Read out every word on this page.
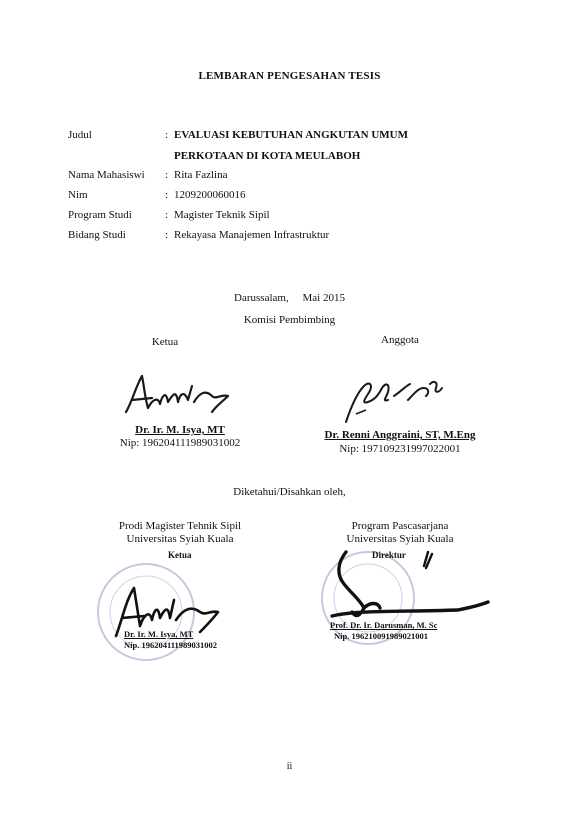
LEMBARAN PENGESAHAN TESIS
Judul	: EVALUASI KEBUTUHAN ANGKUTAN UMUM
PERKOTAAN DI KOTA MEULABOH
Nama Mahasiswi : Rita Fazlina
Nim	: 1209200060016
Program Studi	: Magister Teknik Sipil
Bidang Studi	: Rekayasa Manajemen Infrastruktur
Darussalam, Mai 2015
Komisi Pembimbing
Ketua	Anggota
Dr. Ir. M. Isya, MT
Nip: 196204111989031002
Dr. Renni Anggraini, ST, M.Eng
Nip: 197109231997022001
Diketahui/Disahkan oleh,
Prodi Magister Tehnik Sipil
Universitas Syiah Kuala
Program Pascasarjana
Universitas Syiah Kuala
Ketua
Dr. Ir. M. Isya, MT
Nip. 196204111989031002
Direktur
Prof. Dr. Ir. Darusman, M. Sc
Nip. 196210091989021001
ii
